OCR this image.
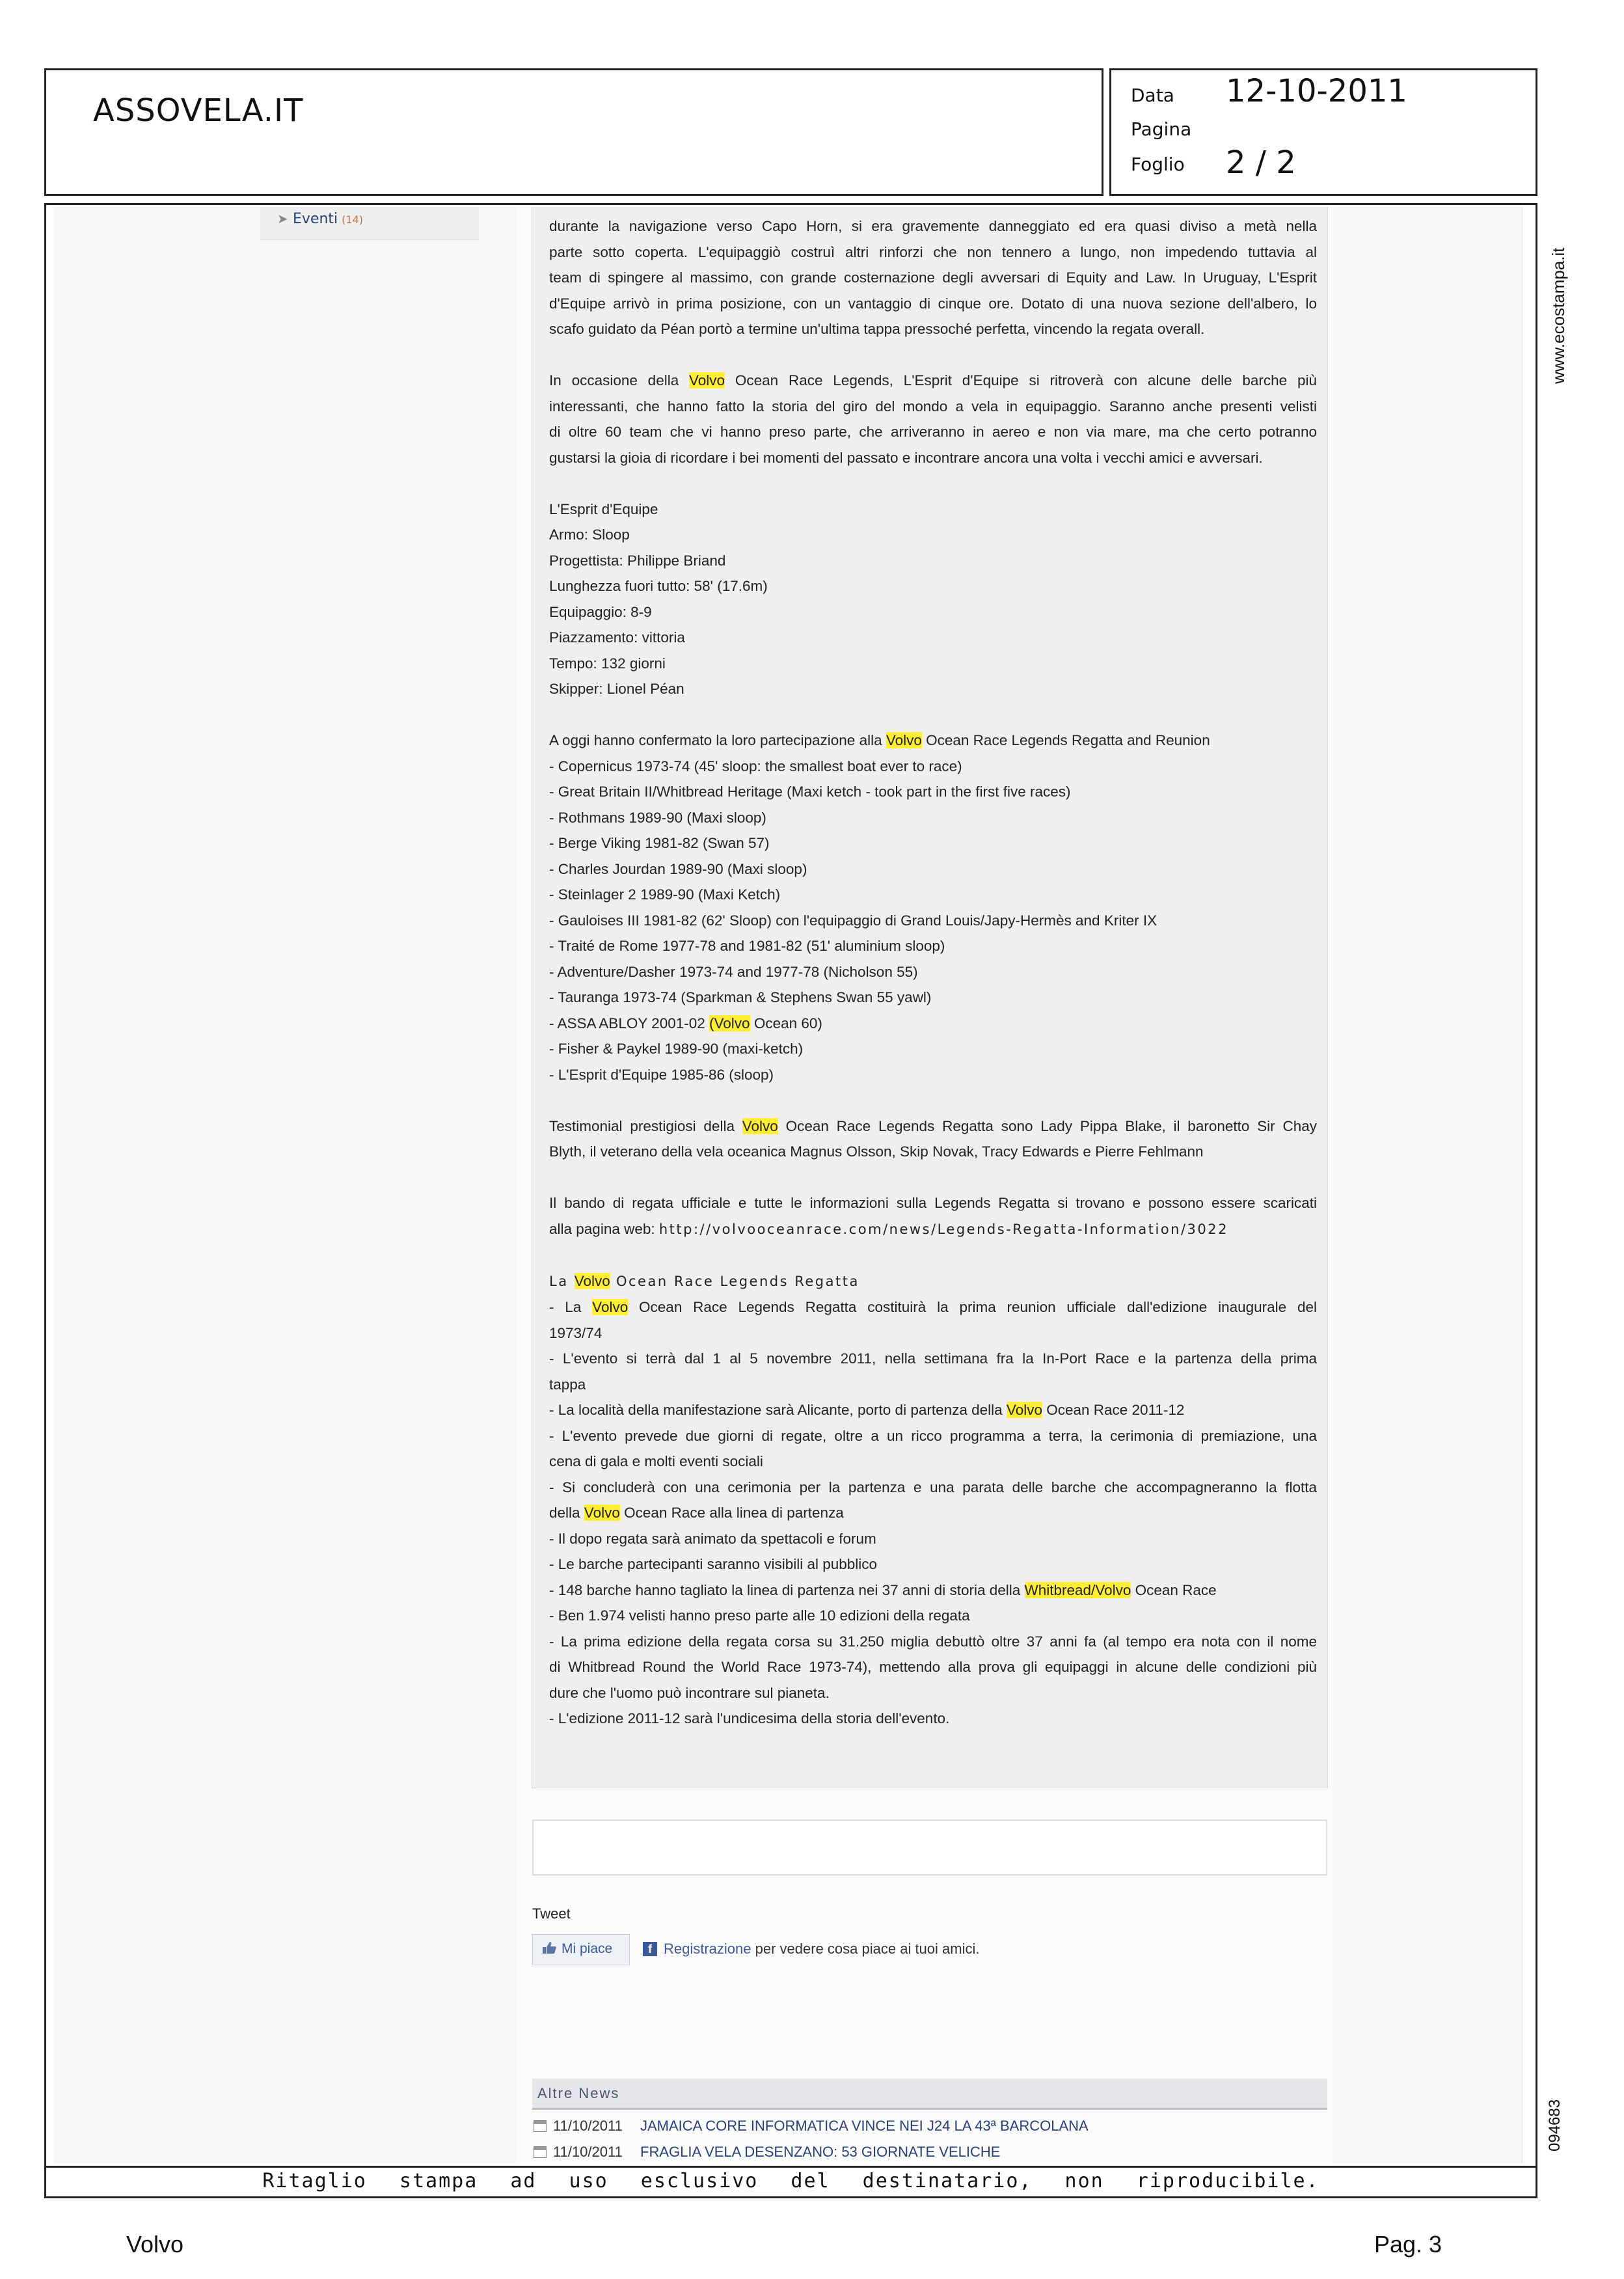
ASSOVELA.IT	Data 12-10-2011
Pagina
Foglio 2 / 2
➤ Eventi (14)	durante la navigazione verso Capo Horn, si era gravemente danneggiato ed era quasi diviso a metà nella
parte sotto coperta. L'equipaggiò costruì altri rinforzi che non tennero a lungo, non impedendo tuttavia al
team di spingere al massimo, con grande costernazione degli avversari di Equity and Law. In Uruguay, L'Esprit
d'Equipe arrivò in prima posizione, con un vantaggio di cinque ore. Dotato di una nuova sezione dell'albero, lo
scafo guidato da Péan portò a termine un'ultima tappa pressoché perfetta, vincendo la regata overall.

In occasione della Volvo Ocean Race Legends, L'Esprit d'Equipe si ritroverà con alcune delle barche più
interessanti, che hanno fatto la storia del giro del mondo a vela in equipaggio. Saranno anche presenti velisti
di oltre 60 team che vi hanno preso parte, che arriveranno in aereo e non via mare, ma che certo potranno
gustarsi la gioia di ricordare i bei momenti del passato e incontrare ancora una volta i vecchi amici e avversari.

L'Esprit d'Equipe
Armo: Sloop
Progettista: Philippe Briand
Lunghezza fuori tutto: 58' (17.6m)
Equipaggio: 8-9
Piazzamento: vittoria
Tempo: 132 giorni
Skipper: Lionel Péan

A oggi hanno confermato la loro partecipazione alla Volvo Ocean Race Legends Regatta and Reunion
- Copernicus 1973-74 (45' sloop: the smallest boat ever to race)
- Great Britain II/Whitbread Heritage (Maxi ketch - took part in the first five races)
- Rothmans 1989-90 (Maxi sloop)
- Berge Viking 1981-82 (Swan 57)
- Charles Jourdan 1989-90 (Maxi sloop)
- Steinlager 2 1989-90 (Maxi Ketch)
- Gauloises III 1981-82 (62' Sloop) con l'equipaggio di Grand Louis/Japy-Hermès and Kriter IX
- Traité de Rome 1977-78 and 1981-82 (51' aluminium sloop)
- Adventure/Dasher 1973-74 and 1977-78 (Nicholson 55)
- Tauranga 1973-74 (Sparkman & Stephens Swan 55 yawl)
- ASSA ABLOY 2001-02 (Volvo Ocean 60)
- Fisher & Paykel 1989-90 (maxi-ketch)
- L'Esprit d'Equipe 1985-86 (sloop)

Testimonial prestigiosi della Volvo Ocean Race Legends Regatta sono Lady Pippa Blake, il baronetto Sir Chay
Blyth, il veterano della vela oceanica Magnus Olsson, Skip Novak, Tracy Edwards e Pierre Fehlmann

Il bando di regata ufficiale e tutte le informazioni sulla Legends Regatta si trovano e possono essere scaricati
alla pagina web: http://volvooceanrace.com/news/Legends-Regatta-Information/3022

La Volvo Ocean Race Legends Regatta
- La Volvo Ocean Race Legends Regatta costituirà la prima reunion ufficiale dall'edizione inaugurale del
1973/74
- L'evento si terrà dal 1 al 5 novembre 2011, nella settimana fra la In-Port Race e la partenza della prima
tappa
- La località della manifestazione sarà Alicante, porto di partenza della Volvo Ocean Race 2011-12
- L'evento prevede due giorni di regate, oltre a un ricco programma a terra, la cerimonia di premiazione, una
cena di gala e molti eventi sociali
- Si concluderà con una cerimonia per la partenza e una parata delle barche che accompagneranno la flotta
della Volvo Ocean Race alla linea di partenza
- Il dopo regata sarà animato da spettacoli e forum
- Le barche partecipanti saranno visibili al pubblico
- 148 barche hanno tagliato la linea di partenza nei 37 anni di storia della Whitbread/Volvo Ocean Race
- Ben 1.974 velisti hanno preso parte alle 10 edizioni della regata
- La prima edizione della regata corsa su 31.250 miglia debuttò oltre 37 anni fa (al tempo era nota con il nome
di Whitbread Round the World Race 1973-74), mettendo alla prova gli equipaggi in alcune delle condizioni più
dure che l'uomo può incontrare sul pianeta.
- L'edizione 2011-12 sarà l'undicesima della storia dell'evento.

Tweet
Mi piace	f Registrazione per vedere cosa piace ai tuoi amici.
Altre News
11/10/2011 JAMAICA CORE INFORMATICA VINCE NEI J24 LA 43ª BARCOLANA
11/10/2011 FRAGLIA VELA DESENZANO: 53 GIORNATE VELICHE
Ritaglio stampa ad uso esclusivo del destinatario, non riproducibile.
www.ecostampa.it
094683
Volvo	Pag. 3
